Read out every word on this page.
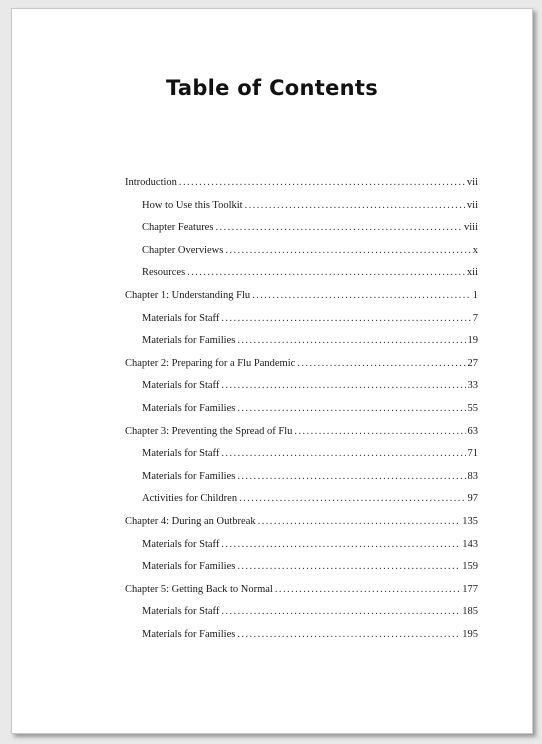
Table of Contents
Introduction . . .	vii
How to Use this Toolkit . . .	vii
Chapter Features . . .	viii
Chapter Overviews . . .	x
Resources . . .	xii
Chapter 1: Understanding Flu . . .	1
Materials for Staff . . .	7
Materials for Families . . .	19
Chapter 2: Preparing for a Flu Pandemic . . .	27
Materials for Staff . . .	33
Materials for Families . . .	55
Chapter 3: Preventing the Spread of Flu . . .	63
Materials for Staff . . .	71
Materials for Families . . .	83
Activities for Children . . .	97
Chapter 4: During an Outbreak . . .	135
Materials for Staff . . .	143
Materials for Families . . .	159
Chapter 5: Getting Back to Normal . . .	177
Materials for Staff . . .	185
Materials for Families . . .	195
